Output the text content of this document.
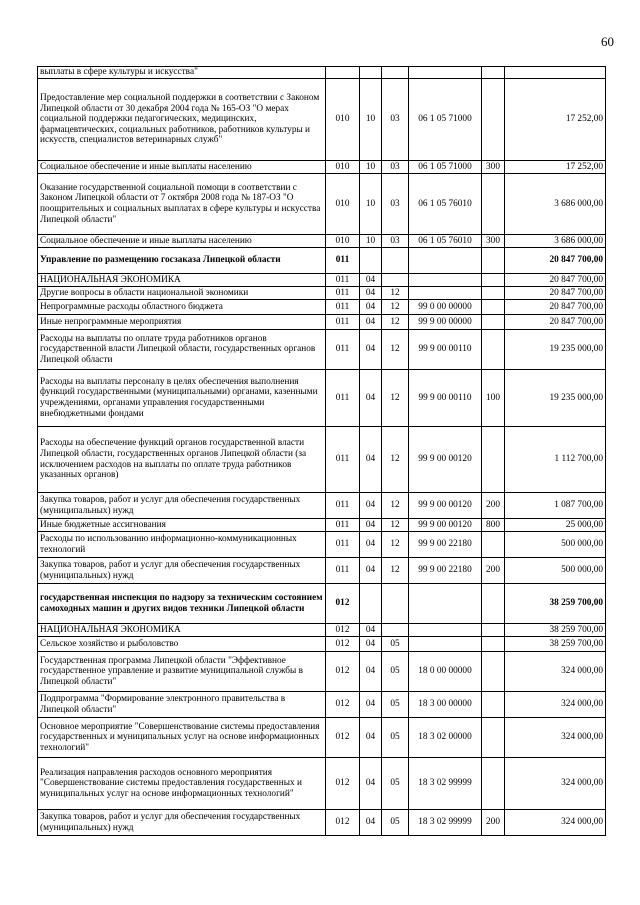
60
выплаты в сфере культуры и искусства"						
Предоставление мер социальной поддержки в соответствии с Законом Липецкой области от 30 декабря 2004 года № 165-ОЗ "О мерах социальной поддержки педагогических, медицинских, фармацевтических, социальных работников, работников культуры и искусств, специалистов ветеринарных служб"	010	10	03	06 1 05 71000		17 252,00
Социальное обеспечение и иные выплаты населению	010	10	03	06 1 05 71000	300	17 252,00
Оказание государственной социальной помощи в соответствии с Законом Липецкой области от 7 октября 2008 года № 187-ОЗ "О поощрительных и социальных выплатах в сфере культуры и искусства Липецкой области"	010	10	03	06 1 05 76010		3 686 000,00
Социальное обеспечение и иные выплаты населению	010	10	03	06 1 05 76010	300	3 686 000,00
Управление по размещению госзаказа Липецкой области	011					20 847 700,00
НАЦИОНАЛЬНАЯ ЭКОНОМИКА	011	04				20 847 700,00
Другие вопросы в области национальной экономики	011	04	12			20 847 700,00
Непрограммные расходы областного бюджета	011	04	12	99 0 00 00000		20 847 700,00
Иные непрограммные мероприятия	011	04	12	99 9 00 00000		20 847 700,00
Расходы на выплаты по оплате труда работников органов государственной власти Липецкой области, государственных органов Липецкой области	011	04	12	99 9 00 00110		19 235 000,00
Расходы на выплаты персоналу в целях обеспечения выполнения функций государственными (муниципальными) органами, казенными учреждениями, органами управления государственными внебюджетными фондами	011	04	12	99 9 00 00110	100	19 235 000,00
Расходы на обеспечение функций органов государственной власти Липецкой области, государственных органов Липецкой области (за исключением расходов на выплаты по оплате труда работников указанных органов)	011	04	12	99 9 00 00120		1 112 700,00
Закупка товаров, работ и услуг для обеспечения государственных (муниципальных) нужд	011	04	12	99 9 00 00120	200	1 087 700,00
Иные бюджетные ассигнования	011	04	12	99 9 00 00120	800	25 000,00
Расходы по использованию информационно-коммуникационных технологий	011	04	12	99 9 00 22180		500 000,00
Закупка товаров, работ и услуг для обеспечения государственных (муниципальных) нужд	011	04	12	99 9 00 22180	200	500 000,00
государственная инспекция по надзору за техническим состоянием самоходных машин и других видов техники Липецкой области	012					38 259 700,00
НАЦИОНАЛЬНАЯ ЭКОНОМИКА	012	04				38 259 700,00
Сельское хозяйство и рыболовство	012	04	05			38 259 700,00
Государственная программа Липецкой области "Эффективное государственное управление и развитие муниципальной службы в Липецкой области"	012	04	05	18 0 00 00000		324 000,00
Подпрограмма "Формирование электронного правительства в Липецкой области"	012	04	05	18 3 00 00000		324 000,00
Основное мероприятие "Совершенствование системы предоставления государственных и муниципальных услуг на основе информационных технологий"	012	04	05	18 3 02 00000		324 000,00
Реализация направления расходов основного мероприятия "Совершенствование системы предоставления государственных и муниципальных услуг на основе информационных технологий"	012	04	05	18 3 02 99999		324 000,00
Закупка товаров, работ и услуг для обеспечения государственных (муниципальных) нужд	012	04	05	18 3 02 99999	200	324 000,00
